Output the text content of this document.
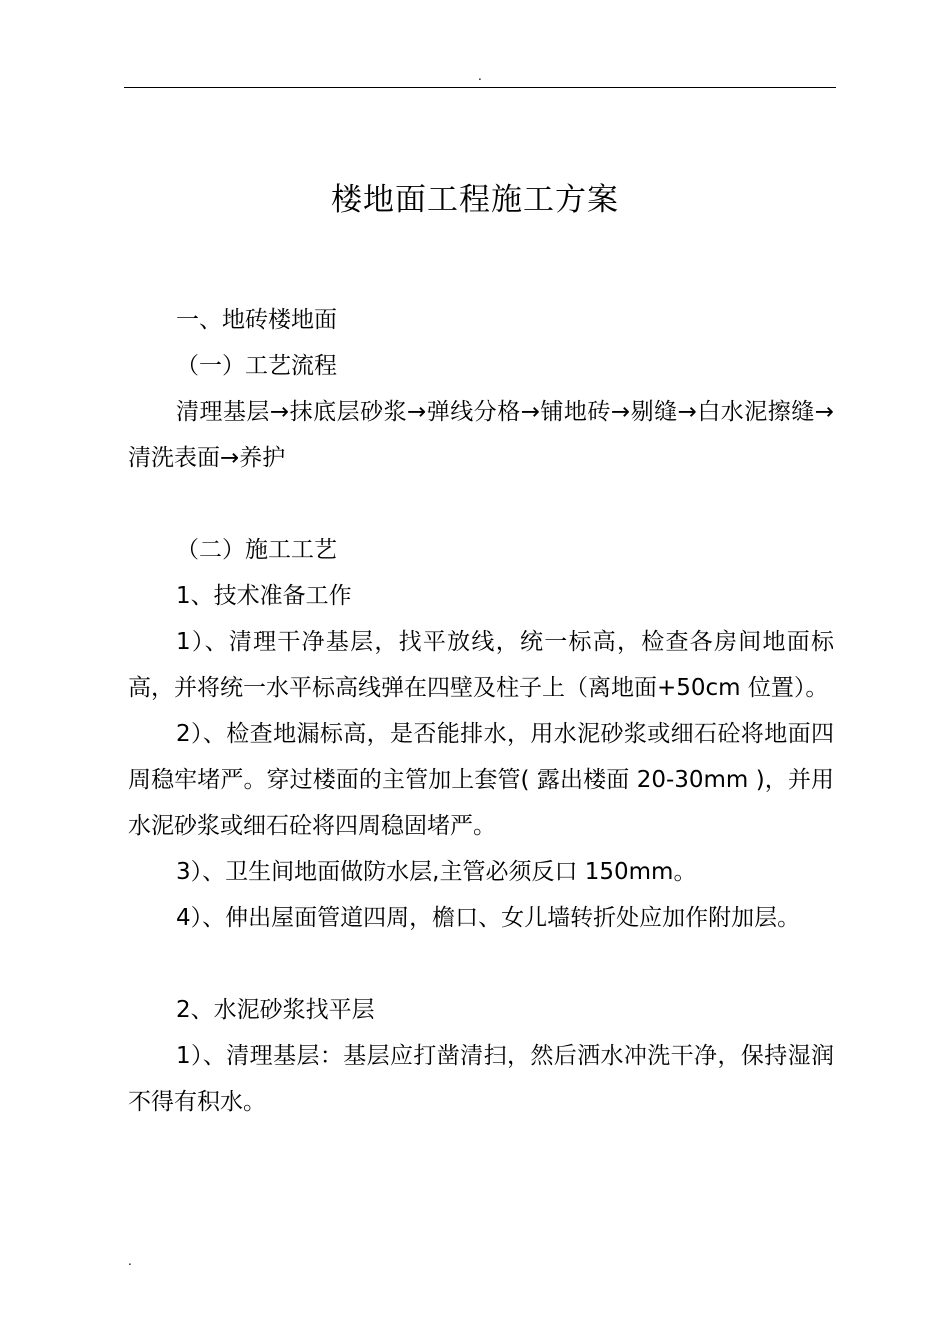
.
楼地面工程施工方案

一、地砖楼地面

（一）工艺流程

清理基层→抹底层砂浆→弹线分格→铺地砖→剔缝→白水泥擦缝→清洗表面→养护

（二）施工工艺

1、技术准备工作

1）、清理干净基层，找平放线，统一标高，检查各房间地面标高，并将统一水平标高线弹在四壁及柱子上（离地面+50cm 位置）。

2）、检查地漏标高，是否能排水，用水泥砂浆或细石砼将地面四周稳牢堵严。穿过楼面的主管加上套管( 露出楼面 20-30mm )，并用水泥砂浆或细石砼将四周稳固堵严。

3）、卫生间地面做防水层,主管必须反口 150mm。

4）、伸出屋面管道四周，檐口、女儿墙转折处应加作附加层。

2、水泥砂浆找平层

1）、清理基层：基层应打凿清扫，然后洒水冲洗干净，保持湿润不得有积水。

.
